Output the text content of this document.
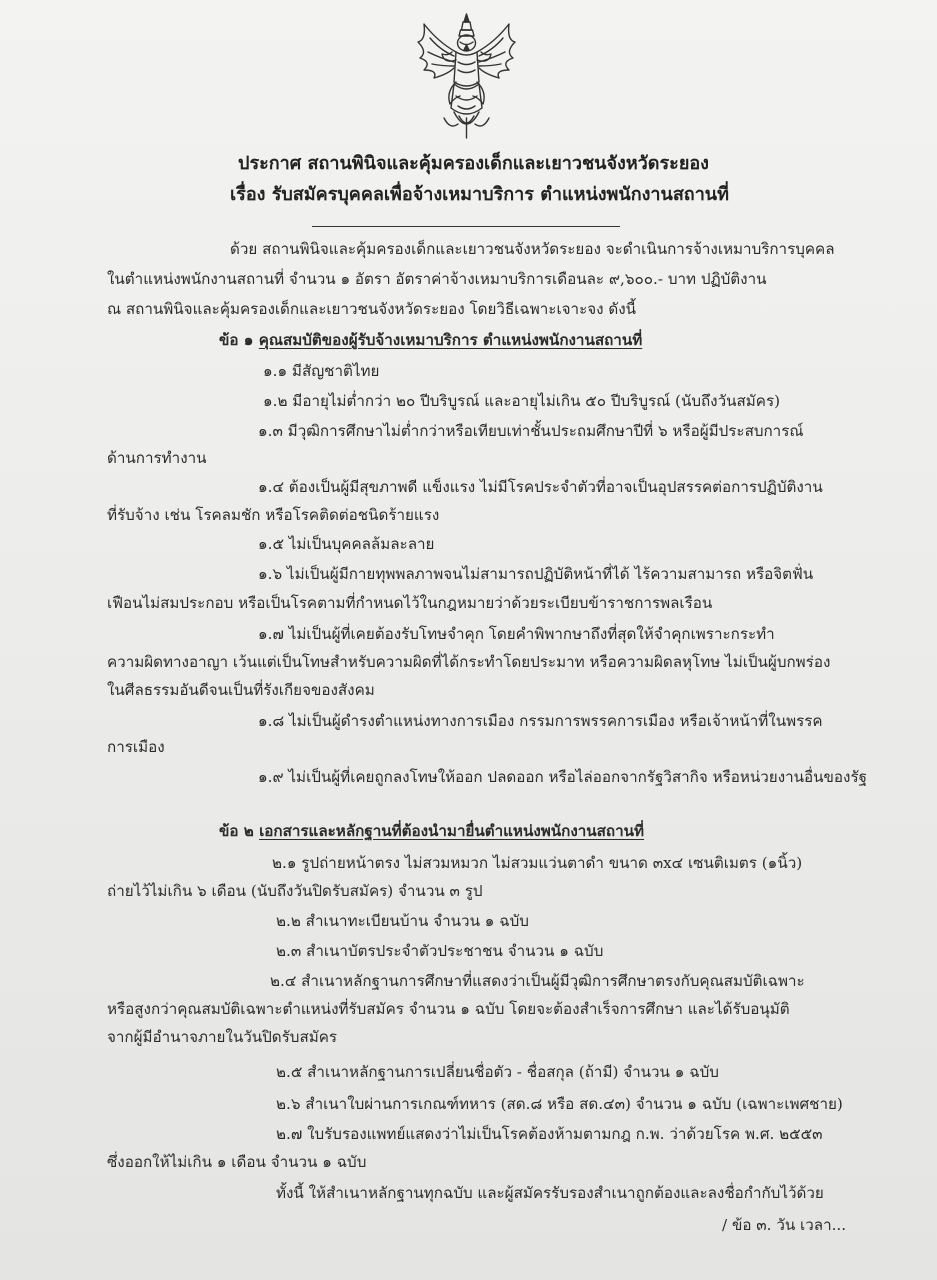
ประกาศ สถานพินิจและคุ้มครองเด็กและเยาวชนจังหวัดระยอง
เรื่อง รับสมัครบุคคลเพื่อจ้างเหมาบริการ ตำแหน่งพนักงานสถานที่
ด้วย สถานพินิจและคุ้มครองเด็กและเยาวชนจังหวัดระยอง จะดำเนินการจ้างเหมาบริการบุคคล
ในตำแหน่งพนักงานสถานที่ จำนวน ๑ อัตรา อัตราค่าจ้างเหมาบริการเดือนละ ๙,๖๐๐.- บาท ปฏิบัติงาน
ณ สถานพินิจและคุ้มครองเด็กและเยาวชนจังหวัดระยอง โดยวิธีเฉพาะเจาะจง ดังนี้
ข้อ ๑ คุณสมบัติของผู้รับจ้างเหมาบริการ ตำแหน่งพนักงานสถานที่
๑.๑ มีสัญชาติไทย
๑.๒ มีอายุไม่ต่ำกว่า ๒๐ ปีบริบูรณ์ และอายุไม่เกิน ๕๐ ปีบริบูรณ์ (นับถึงวันสมัคร)
๑.๓ มีวุฒิการศึกษาไม่ต่ำกว่าหรือเทียบเท่าชั้นประถมศึกษาปีที่ ๖ หรือผู้มีประสบการณ์
ด้านการทำงาน
๑.๔ ต้องเป็นผู้มีสุขภาพดี แข็งแรง ไม่มีโรคประจำตัวที่อาจเป็นอุปสรรคต่อการปฏิบัติงาน
ที่รับจ้าง เช่น โรคลมชัก หรือโรคติดต่อชนิดร้ายแรง
๑.๕ ไม่เป็นบุคคลล้มละลาย
๑.๖ ไม่เป็นผู้มีกายทุพพลภาพจนไม่สามารถปฏิบัติหน้าที่ได้ ไร้ความสามารถ หรือจิตฟั่น
เฟือนไม่สมประกอบ หรือเป็นโรคตามที่กำหนดไว้ในกฎหมายว่าด้วยระเบียบข้าราชการพลเรือน
๑.๗ ไม่เป็นผู้ที่เคยต้องรับโทษจำคุก โดยคำพิพากษาถึงที่สุดให้จำคุกเพราะกระทำ
ความผิดทางอาญา เว้นแต่เป็นโทษสำหรับความผิดที่ได้กระทำโดยประมาท หรือความผิดลหุโทษ ไม่เป็นผู้บกพร่อง
ในศีลธรรมอันดีจนเป็นที่รังเกียจของสังคม
๑.๘ ไม่เป็นผู้ดำรงตำแหน่งทางการเมือง กรรมการพรรคการเมือง หรือเจ้าหน้าที่ในพรรค
การเมือง
๑.๙ ไม่เป็นผู้ที่เคยถูกลงโทษให้ออก ปลดออก หรือไล่ออกจากรัฐวิสากิจ หรือหน่วยงานอื่นของรัฐ
ข้อ ๒ เอกสารและหลักฐานที่ต้องนำมายื่นตำแหน่งพนักงานสถานที่
๒.๑ รูปถ่ายหน้าตรง ไม่สวมหมวก ไม่สวมแว่นตาดำ ขนาด ๓x๔ เซนติเมตร (๑นิ้ว)
ถ่ายไว้ไม่เกิน ๖ เดือน (นับถึงวันปิดรับสมัคร) จำนวน ๓ รูป
๒.๒ สำเนาทะเบียนบ้าน จำนวน ๑ ฉบับ
๒.๓ สำเนาบัตรประจำตัวประชาชน จำนวน ๑ ฉบับ
๒.๔ สำเนาหลักฐานการศึกษาที่แสดงว่าเป็นผู้มีวุฒิการศึกษาตรงกับคุณสมบัติเฉพาะ
หรือสูงกว่าคุณสมบัติเฉพาะตำแหน่งที่รับสมัคร จำนวน ๑ ฉบับ โดยจะต้องสำเร็จการศึกษา และได้รับอนุมัติ
จากผู้มีอำนาจภายในวันปิดรับสมัคร
๒.๕ สำเนาหลักฐานการเปลี่ยนชื่อตัว - ชื่อสกุล (ถ้ามี) จำนวน ๑ ฉบับ
๒.๖ สำเนาใบผ่านการเกณฑ์ทหาร (สด.๘ หรือ สด.๔๓) จำนวน ๑ ฉบับ (เฉพาะเพศชาย)
๒.๗ ใบรับรองแพทย์แสดงว่าไม่เป็นโรคต้องห้ามตามกฎ ก.พ. ว่าด้วยโรค พ.ศ. ๒๕๕๓
ซึ่งออกให้ไม่เกิน ๑ เดือน จำนวน ๑ ฉบับ
ทั้งนี้ ให้สำเนาหลักฐานทุกฉบับ และผู้สมัครรับรองสำเนาถูกต้องและลงชื่อกำกับไว้ด้วย
/ ข้อ ๓. วัน เวลา...
